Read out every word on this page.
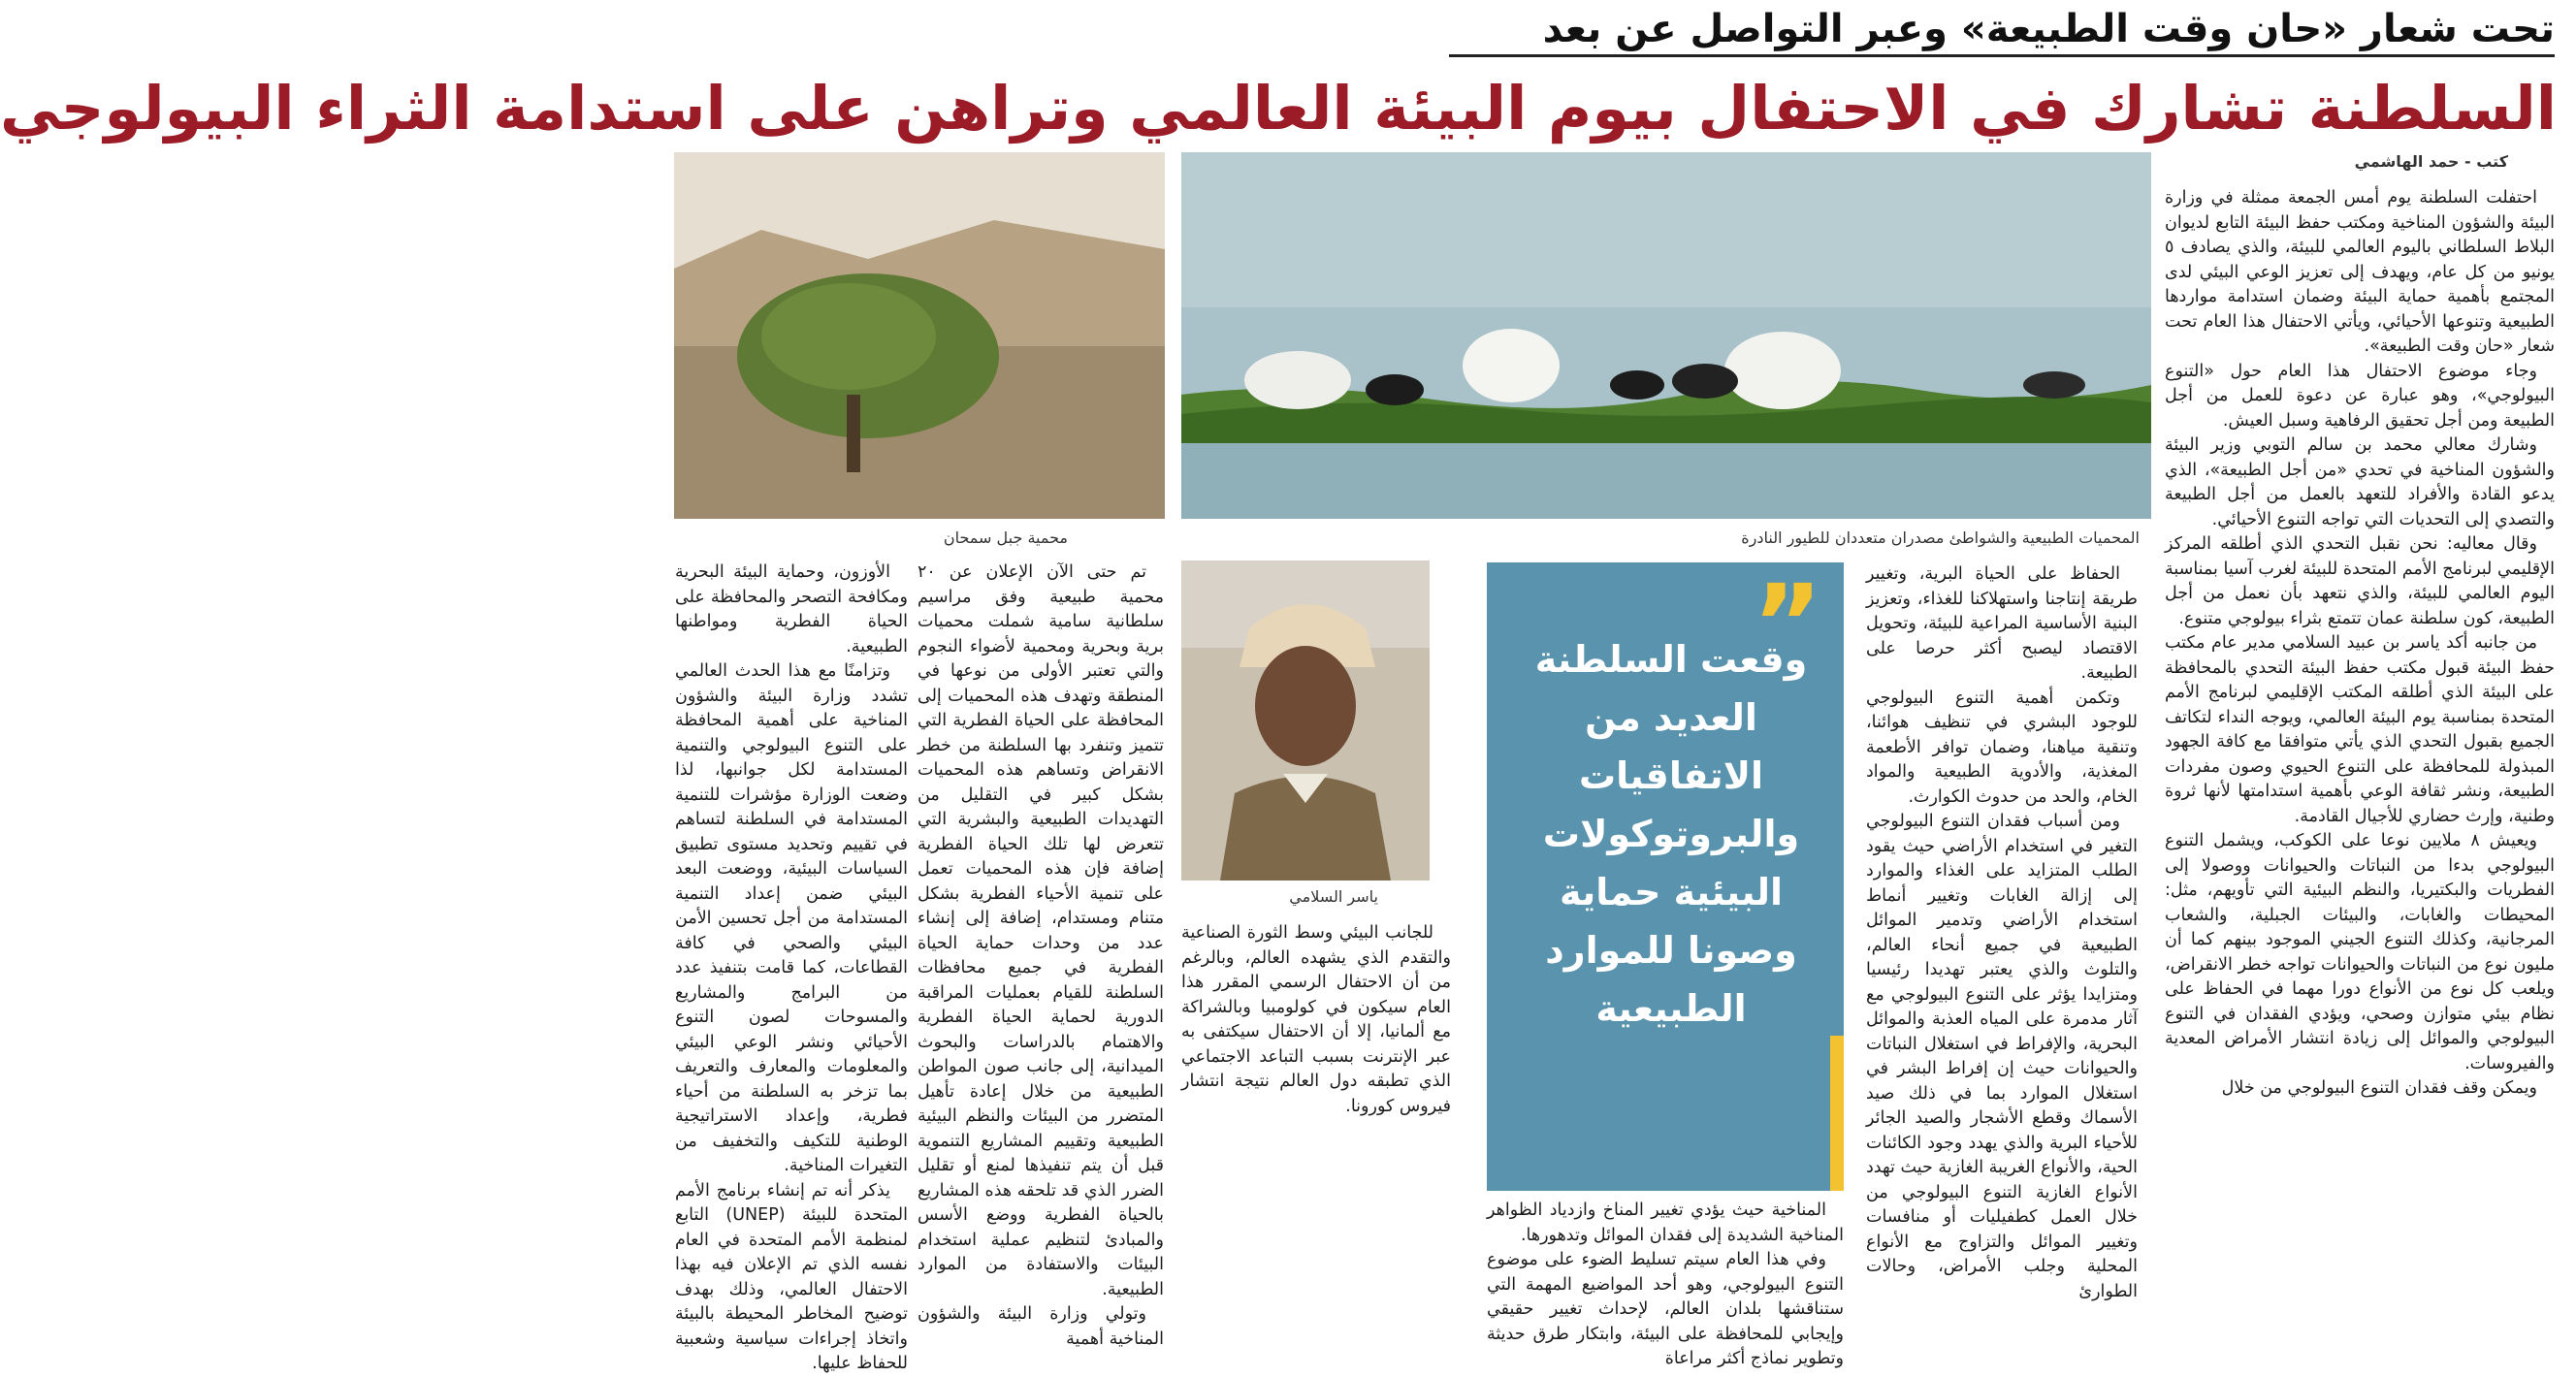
تحت شعار «حان وقت الطبيعة» وعبر التواصل عن بعد
السلطنة تشارك في الاحتفال بيوم البيئة العالمي وتراهن على استدامة الثراء البيولوجي
كتب - حمد الهاشمي

احتفلت السلطنة يوم أمس الجمعة ممثلة في وزارة البيئة والشؤون المناخية ومكتب حفظ البيئة التابع لديوان البلاط السلطاني باليوم العالمي للبيئة، والذي يصادف ٥ يونيو من كل عام، ويهدف إلى تعزيز الوعي البيئي لدى المجتمع بأهمية حماية البيئة وضمان استدامة مواردها الطبيعية وتنوعها الأحيائي، ويأتي الاحتفال هذا العام تحت شعار «حان وقت الطبيعة».

وجاء موضوع الاحتفال هذا العام حول «التنوع البيولوجي»، وهو عبارة عن دعوة للعمل من أجل الطبيعة ومن أجل تحقيق الرفاهية وسبل العيش.

وشارك معالي محمد بن سالم التوبي وزير البيئة والشؤون المناخية في تحدي «من أجل الطبيعة»، الذي يدعو القادة والأفراد للتعهد بالعمل من أجل الطبيعة والتصدي إلى التحديات التي تواجه التنوع الأحيائي.

وقال معاليه: نحن نقبل التحدي الذي أطلقه المركز الإقليمي لبرنامج الأمم المتحدة للبيئة لغرب آسيا بمناسبة اليوم العالمي للبيئة، والذي نتعهد بأن نعمل من أجل الطبيعة، كون سلطنة عمان تتمتع بثراء بيولوجي متنوع.

من جانبه أكد ياسر بن عبيد السلامي مدير عام مكتب حفظ البيئة قبول مكتب حفظ البيئة التحدي بالمحافظة على البيئة الذي أطلقه المكتب الإقليمي لبرنامج الأمم المتحدة بمناسبة يوم البيئة العالمي، ويوجه النداء لتكاتف الجميع بقبول التحدي الذي يأتي متوافقا مع كافة الجهود المبذولة للمحافظة على التنوع الحيوي وصون مفردات الطبيعة، ونشر ثقافة الوعي بأهمية استدامتها لأنها ثروة وطنية، وإرث حضاري للأجيال القادمة.

ويعيش ٨ ملايين نوعا على الكوكب، ويشمل التنوع البيولوجي بدءا من النباتات والحيوانات ووصولا إلى الفطريات والبكتيريا، والنظم البيئية التي تأويهم، مثل: المحيطات والغابات، والبيئات الجبلية، والشعاب المرجانية، وكذلك التنوع الجيني الموجود بينهم كما أن مليون نوع من النباتات والحيوانات تواجه خطر الانقراض، ويلعب كل نوع من الأنواع دورا مهما في الحفاظ على نظام بيئي متوازن وصحي، ويؤدي الفقدان في التنوع البيولوجي والموائل إلى زيادة انتشار الأمراض المعدية والفيروسات.

ويمكن وقف فقدان التنوع البيولوجي من خلال

المحميات الطبيعية والشواطئ مصدران متعددان للطيور النادرة
محمية جبل سمحان

الحفاظ على الحياة البرية، وتغيير طريقة إنتاجنا واستهلاكنا للغذاء، وتعزيز البنية الأساسية المراعية للبيئة، وتحويل الاقتصاد ليصبح أكثر حرصا على الطبيعة.

وتكمن أهمية التنوع البيولوجي للوجود البشري في تنظيف هوائنا، وتنقية مياهنا، وضمان توافر الأطعمة المغذية، والأدوية الطبيعية والمواد الخام، والحد من حدوث الكوارث.

ومن أسباب فقدان التنوع البيولوجي التغير في استخدام الأراضي حيث يقود الطلب المتزايد على الغذاء والموارد إلى إزالة الغابات وتغيير أنماط استخدام الأراضي وتدمير الموائل الطبيعية في جميع أنحاء العالم، والتلوث والذي يعتبر تهديدا رئيسيا ومتزايدا يؤثر على التنوع البيولوجي مع آثار مدمرة على المياه العذبة والموائل البحرية، والإفراط في استغلال النباتات والحيوانات حيث إن إفراط البشر في استغلال الموارد بما في ذلك صيد الأسماك وقطع الأشجار والصيد الجائر للأحياء البرية والذي يهدد وجود الكائنات الحية، والأنواع الغريبة الغازية حيث تهدد الأنواع الغازية التنوع البيولوجي من خلال العمل كطفيليات أو منافسات وتغيير الموائل والتزاوج مع الأنواع المحلية وجلب الأمراض، وحالات الطوارئ

”
وقعت السلطنة العديد من الاتفاقيات والبروتوكولات البيئية حماية وصونا للموارد الطبيعية

المناخية حيث يؤدي تغيير المناخ وازدياد الظواهر المناخية الشديدة إلى فقدان الموائل وتدهورها.

وفي هذا العام سيتم تسليط الضوء على موضوع التنوع البيولوجي، وهو أحد المواضيع المهمة التي ستناقشها بلدان العالم، لإحداث تغيير حقيقي وإيجابي للمحافظة على البيئة، وابتكار طرق حديثة وتطوير نماذج أكثر مراعاة

ياسر السلامي

للجانب البيئي وسط الثورة الصناعية والتقدم الذي يشهده العالم، وبالرغم من أن الاحتفال الرسمي المقرر هذا العام سيكون في كولومبيا وبالشراكة مع ألمانيا، إلا أن الاحتفال سيكتفى به عبر الإنترنت بسبب التباعد الاجتماعي الذي تطبقه دول العالم نتيجة انتشار فيروس كورونا.

تم حتى الآن الإعلان عن ٢٠ محمية طبيعية وفق مراسيم سلطانية سامية شملت محميات برية وبحرية ومحمية لأضواء النجوم والتي تعتبر الأولى من نوعها في المنطقة وتهدف هذه المحميات إلى المحافظة على الحياة الفطرية التي تتميز وتنفرد بها السلطنة من خطر الانقراض وتساهم هذه المحميات بشكل كبير في التقليل من التهديدات الطبيعية والبشرية التي تتعرض لها تلك الحياة الفطرية إضافة فإن هذه المحميات تعمل على تنمية الأحياء الفطرية بشكل متنام ومستدام، إضافة إلى إنشاء عدد من وحدات حماية الحياة الفطرية في جميع محافظات السلطنة للقيام بعمليات المراقبة الدورية لحماية الحياة الفطرية والاهتمام بالدراسات والبحوث الميدانية، إلى جانب صون المواطن الطبيعية من خلال إعادة تأهيل المتضرر من البيئات والنظم البيئية الطبيعية وتقييم المشاريع التنموية قبل أن يتم تنفيذها لمنع أو تقليل الضرر الذي قد تلحقه هذه المشاريع بالحياة الفطرية ووضع الأسس والمبادئ لتنظيم عملية استخدام البيئات والاستفادة من الموارد الطبيعية.

وتولي وزارة البيئة والشؤون المناخية أهمية

الأوزون، وحماية البيئة البحرية ومكافحة التصحر والمحافظة على الحياة الفطرية ومواطنها الطبيعية.

وتزامنًا مع هذا الحدث العالمي تشدد وزارة البيئة والشؤون المناخية على أهمية المحافظة على التنوع البيولوجي والتنمية المستدامة لكل جوانبها، لذا وضعت الوزارة مؤشرات للتنمية المستدامة في السلطنة لتساهم في تقييم وتحديد مستوى تطبيق السياسات البيئية، ووضعت البعد البيئي ضمن إعداد التنمية المستدامة من أجل تحسين الأمن البيئي والصحي في كافة القطاعات، كما قامت بتنفيذ عدد من البرامج والمشاريع والمسوحات لصون التنوع الأحيائي ونشر الوعي البيئي والمعلومات والمعارف والتعريف بما تزخر به السلطنة من أحياء فطرية، وإعداد الاستراتيجية الوطنية للتكيف والتخفيف من التغيرات المناخية.

يذكر أنه تم إنشاء برنامج الأمم المتحدة للبيئة (UNEP) التابع لمنظمة الأمم المتحدة في العام نفسه الذي تم الإعلان فيه بهذا الاحتفال العالمي، وذلك بهدف توضيح المخاطر المحيطة بالبيئة واتخاذ إجراءات سياسية وشعبية للحفاظ عليها.
